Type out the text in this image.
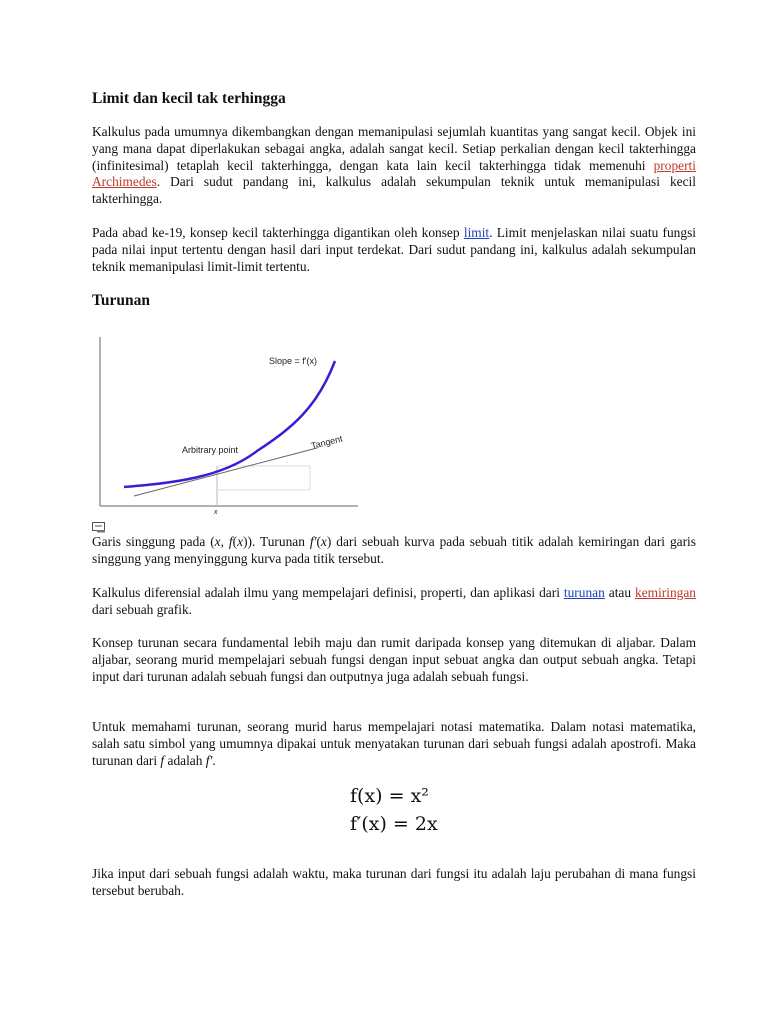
Limit dan kecil tak terhingga

Kalkulus pada umumnya dikembangkan dengan memanipulasi sejumlah kuantitas yang sangat kecil. Objek ini yang mana dapat diperlakukan sebagai angka, adalah sangat kecil. Setiap perkalian dengan kecil takterhingga (infinitesimal) tetaplah kecil takterhingga, dengan kata lain kecil takterhingga tidak memenuhi properti Archimedes. Dari sudut pandang ini, kalkulus adalah sekumpulan teknik untuk memanipulasi kecil takterhingga.

Pada abad ke-19, konsep kecil takterhingga digantikan oleh konsep limit. Limit menjelaskan nilai suatu fungsi pada nilai input tertentu dengan hasil dari input terdekat. Dari sudut pandang ini, kalkulus adalah sekumpulan teknik memanipulasi limit-limit tertentu.

Turunan
Slope = f'(x)
Tangent
Arbitrary point
x

Garis singgung pada (x, f(x)). Turunan f'(x) dari sebuah kurva pada sebuah titik adalah kemiringan dari garis singgung yang menyinggung kurva pada titik tersebut.

Kalkulus diferensial adalah ilmu yang mempelajari definisi, properti, dan aplikasi dari turunan atau kemiringan dari sebuah grafik.

Konsep turunan secara fundamental lebih maju dan rumit daripada konsep yang ditemukan di aljabar. Dalam aljabar, seorang murid mempelajari sebuah fungsi dengan input sebuat angka dan output sebuah angka. Tetapi input dari turunan adalah sebuah fungsi dan outputnya juga adalah sebuah fungsi.

Untuk memahami turunan, seorang murid harus mempelajari notasi matematika. Dalam notasi matematika, salah satu simbol yang umumnya dipakai untuk menyatakan turunan dari sebuah fungsi adalah apostrofi. Maka turunan dari f adalah f'.

f(x) = x²
f′(x) = 2x

Jika input dari sebuah fungsi adalah waktu, maka turunan dari fungsi itu adalah laju perubahan di mana fungsi tersebut berubah.
